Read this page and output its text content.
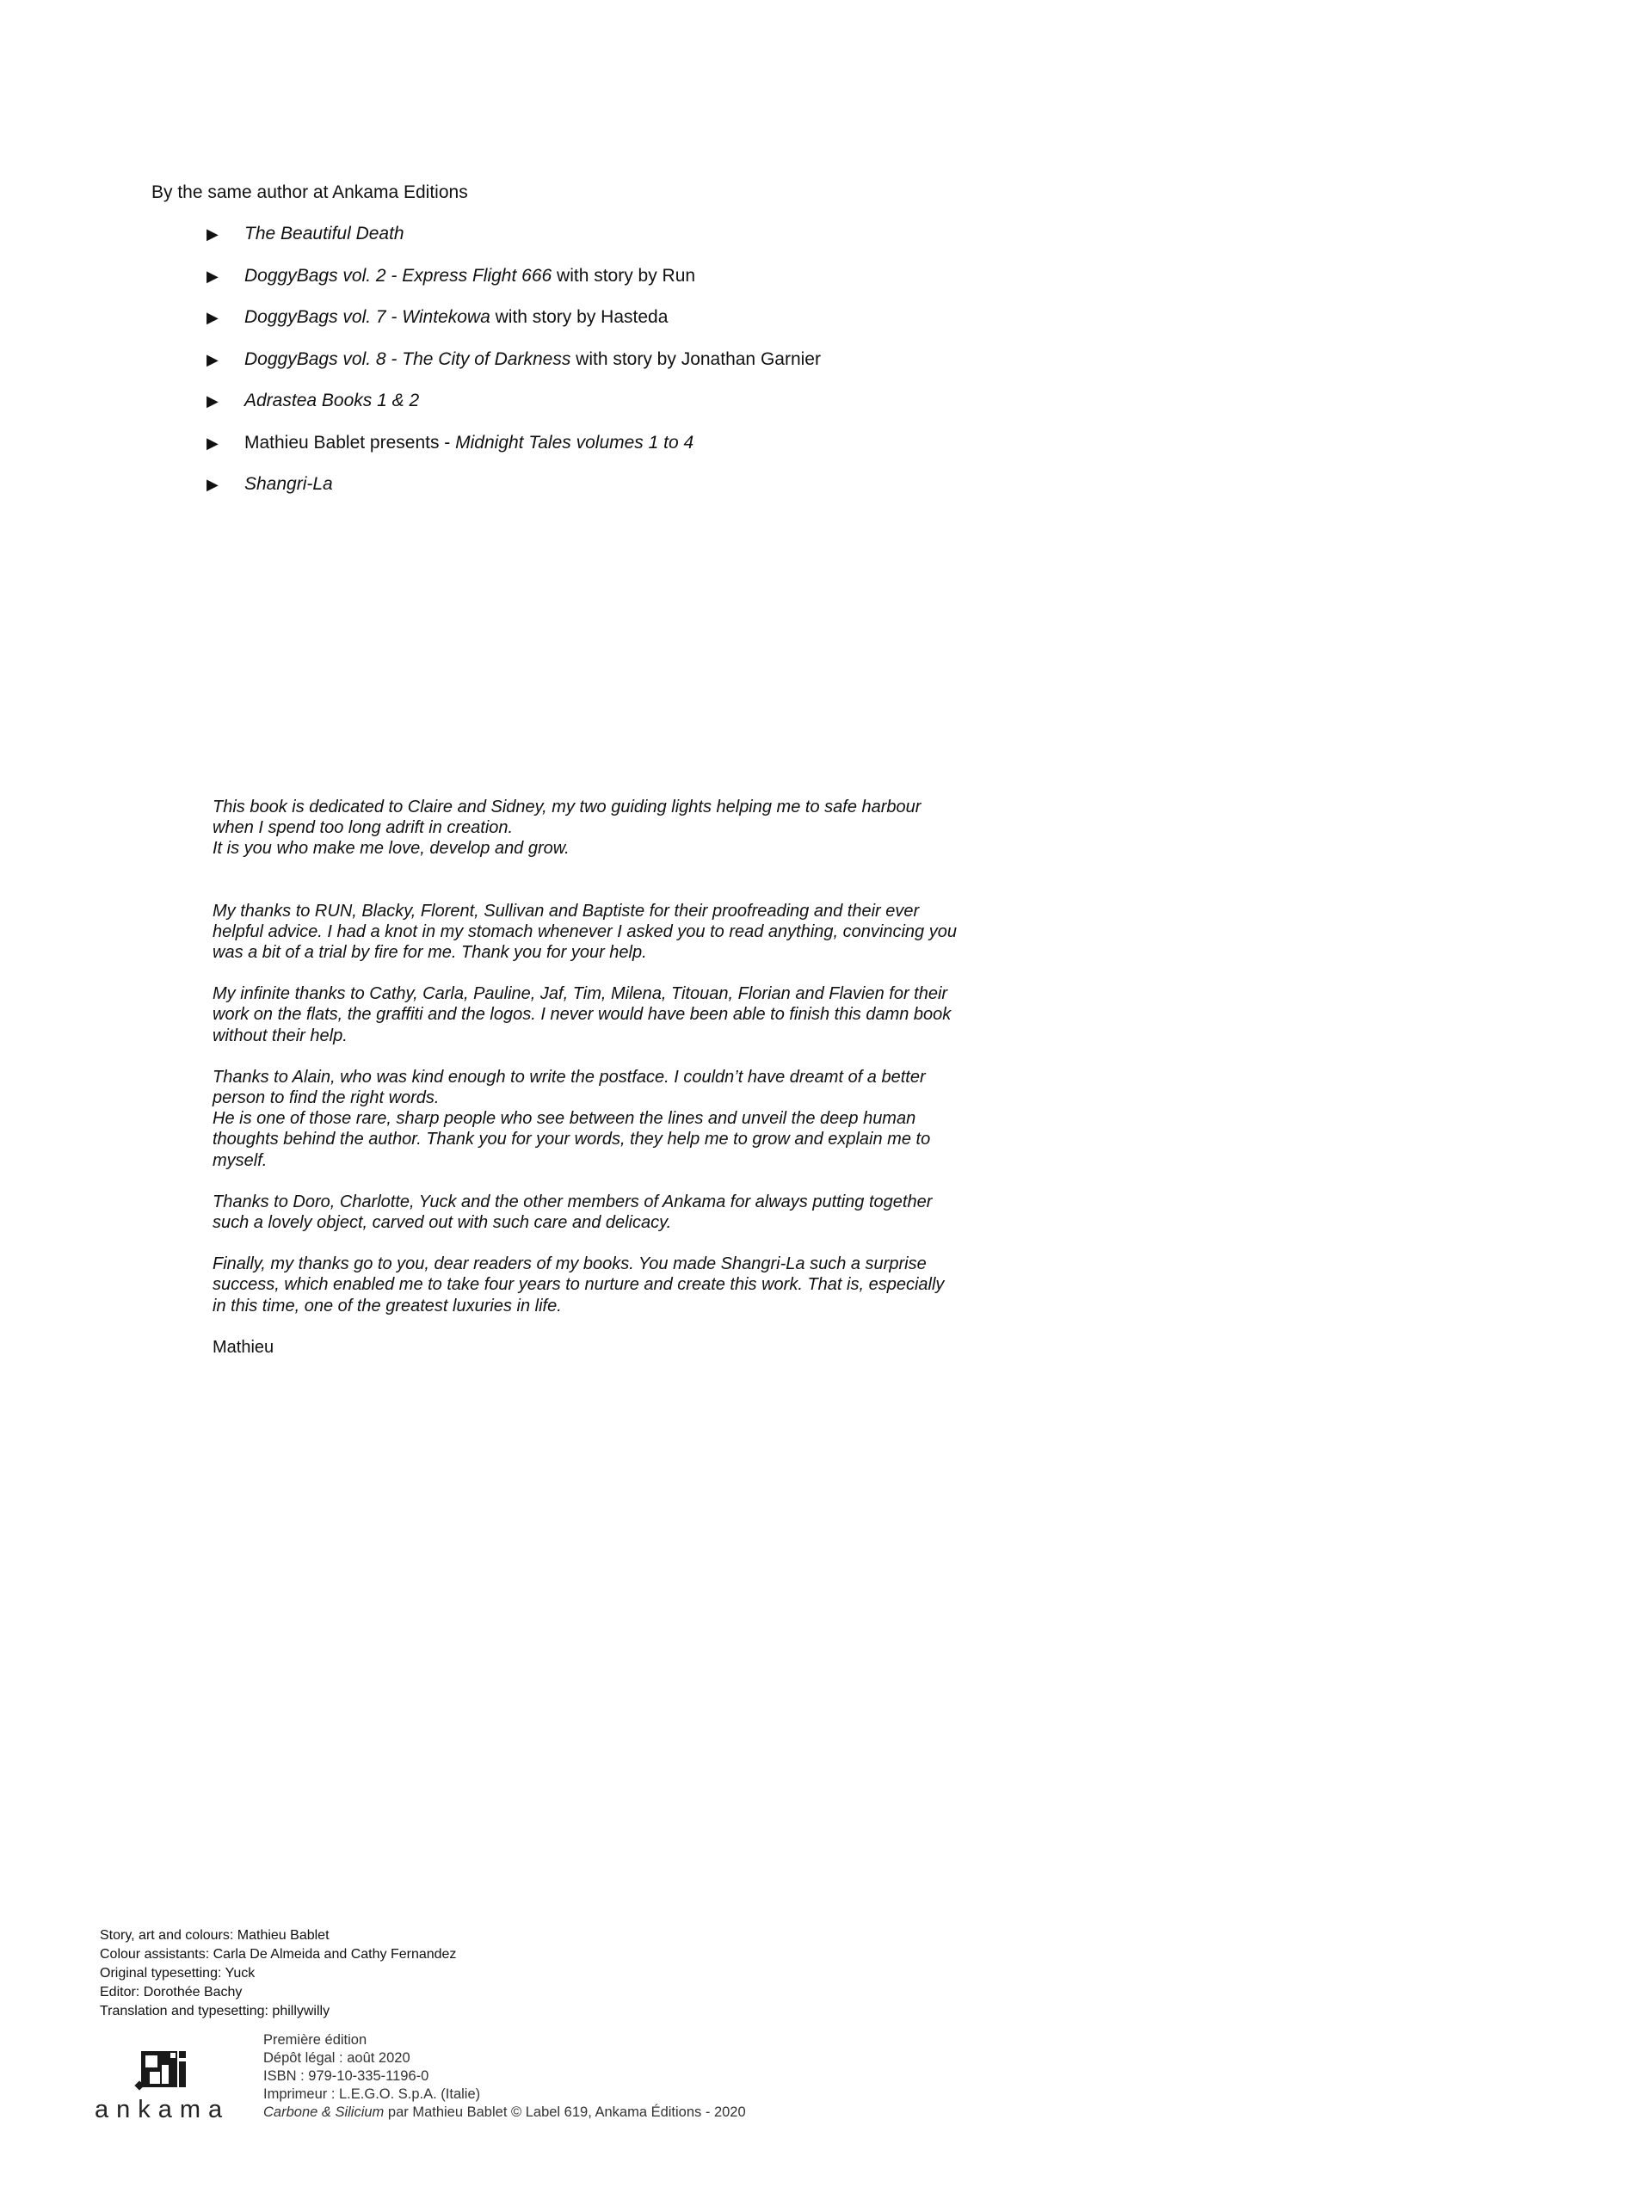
By the same author at Ankama Editions
▶	The Beautiful Death
▶	DoggyBags vol. 2 - Express Flight 666 with story by Run
▶	DoggyBags vol. 7 - Wintekowa with story by Hasteda
▶	DoggyBags vol. 8 - The City of Darkness with story by Jonathan Garnier
▶	Adrastea Books 1 & 2
▶	Mathieu Bablet presents - Midnight Tales volumes 1 to 4
▶	Shangri-La

This book is dedicated to Claire and Sidney, my two guiding lights helping me to safe harbour
when I spend too long adrift in creation.
It is you who make me love, develop and grow.

My thanks to RUN, Blacky, Florent, Sullivan and Baptiste for their proofreading and their ever
helpful advice. I had a knot in my stomach whenever I asked you to read anything, convincing you
was a bit of a trial by fire for me. Thank you for your help.

My infinite thanks to Cathy, Carla, Pauline, Jaf, Tim, Milena, Titouan, Florian and Flavien for their
work on the flats, the graffiti and the logos. I never would have been able to finish this damn book
without their help.

Thanks to Alain, who was kind enough to write the postface. I couldn’t have dreamt of a better
person to find the right words.
He is one of those rare, sharp people who see between the lines and unveil the deep human
thoughts behind the author. Thank you for your words, they help me to grow and explain me to
myself.

Thanks to Doro, Charlotte, Yuck and the other members of Ankama for always putting together
such a lovely object, carved out with such care and delicacy.

Finally, my thanks go to you, dear readers of my books. You made Shangri-La such a surprise
success, which enabled me to take four years to nurture and create this work. That is, especially
in this time, one of the greatest luxuries in life.

Mathieu

Story, art and colours: Mathieu Bablet
Colour assistants: Carla De Almeida and Cathy Fernandez
Original typesetting: Yuck
Editor: Dorothée Bachy
Translation and typesetting: phillywilly
ankama
Première édition
Dépôt légal : août 2020
ISBN : 979-10-335-1196-0
Imprimeur : L.E.G.O. S.p.A. (Italie)
Carbone & Silicium par Mathieu Bablet © Label 619, Ankama Éditions - 2020
